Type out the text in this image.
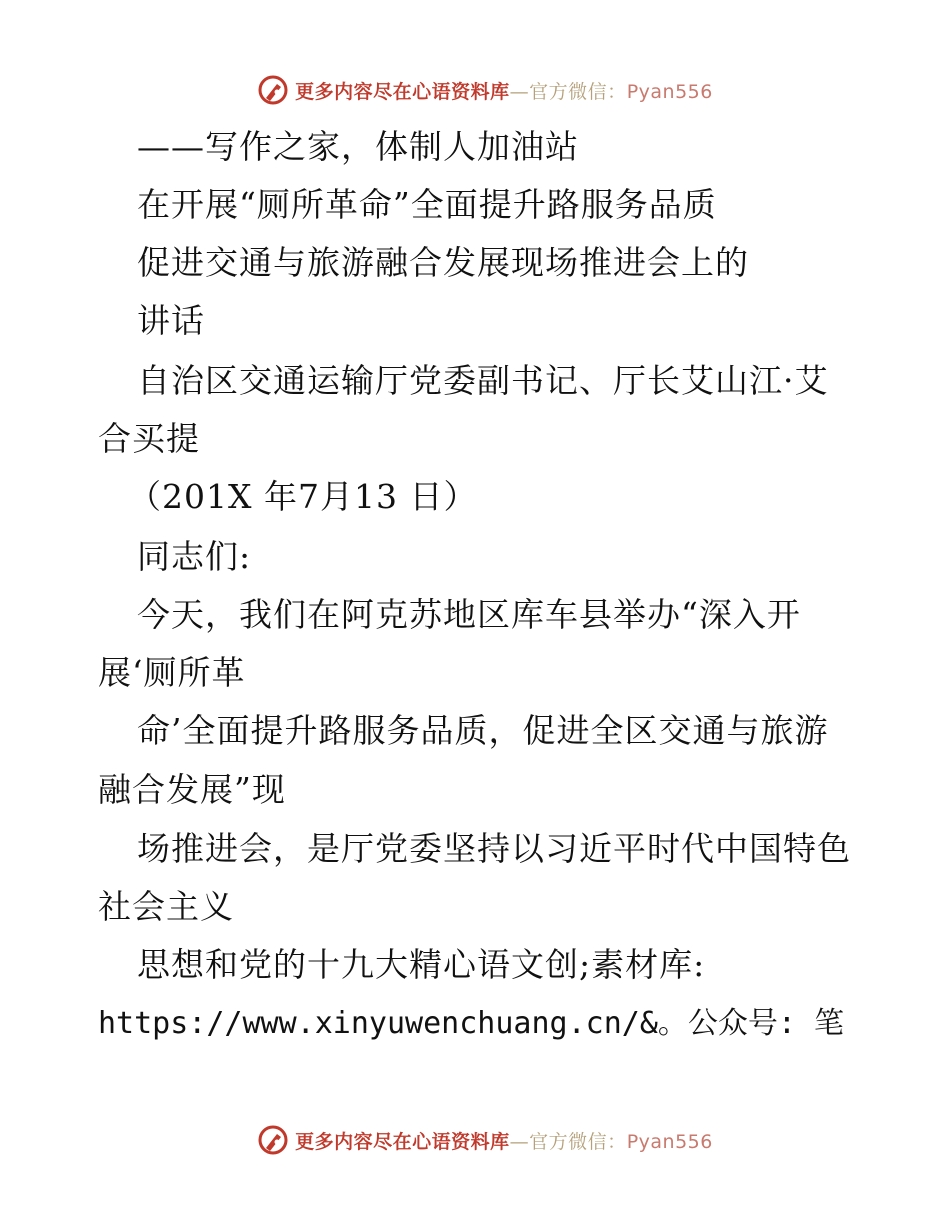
更多内容尽在心语资料库—官方微信：Pyan556
——写作之家，体制人加油站
在开展“厕所革命”全面提升路服务品质
促进交通与旅游融合发展现场推进会上的
讲话
自治区交通运输厅党委副书记、厅长艾山江·艾
合买提
（201X 年7月13 日）
同志们:
今天，我们在阿克苏地区库车县举办“深入开
展‘厕所革
命’全面提升路服务品质，促进全区交通与旅游
融合发展”现
场推进会，是厅党委坚持以习近平时代中国特色
社会主义
思想和党的十九大精心语文创;素材库:
https://www.xinyuwenchuang.cn/&。公众号: 笔
更多内容尽在心语资料库—官方微信：Pyan556
